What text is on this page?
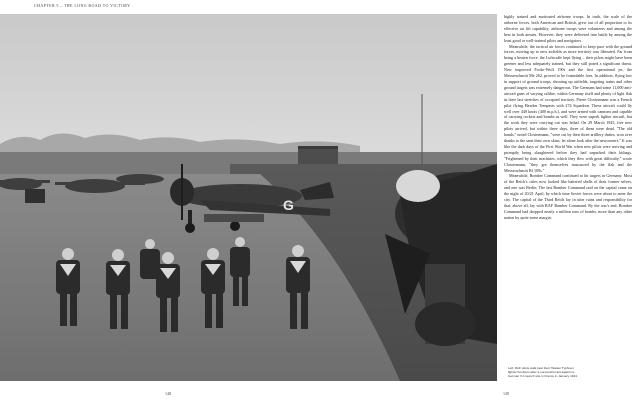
CHAPTER 5 – THE LONG ROAD TO VICTORY
G

highly trained and motivated airborne troops. In truth, the scale of the airborne forces, both American and British, grew out of all proportion to its effective air lift capability; airborne troops were volunteers and among the best in both armies. However, they were delivered into battle by among the least good or well-trained pilots and navigators.

Meanwhile, the tactical air forces continued to keep pace with the ground forces, moving up to new airfields as more territory was liberated. Far from being a beaten force, the Luftwaffe kept flying – their pilots might have been greener and less adequately trained, but they still posed a significant threat. New improved Focke-Wulf 190s and the first operational jet, the Messerschmitt Me 262, proved to be formidable foes. In addition, flying low in support of ground troops, shooting up airfields, targeting trains and other ground targets was extremely dangerous. The Germans had some 11,000 anti-aircraft guns of varying calibre, within Germany itself and plenty of light flak in their last stretches of occupied territory. Pierre Clostermann was a French pilot flying Hawker Tempests with 274 Squadron. These aircraft could fly well over 440 knots (400 m.p.h.), and were armed with cannons and capable of carrying rockets and bombs as well. They were superb fighter aircraft, but the work they were carrying out was lethal. On 29 March 1945, five new pilots arrived, but within three days, three of them were dead. "The old hands," noted Clostermann, "were cut by their three artillery duties, won over thanks to the sane their own skins, let alone look after the newcomers." It was like the dark days of the First World War when new pilots were arriving and promptly being slaughtered before they had unpacked their kitbags. "Frightened by their machines, which they flew with great difficulty," wrote Clostermann, "they got themselves massacred by the flak and the Messerschmitt Bf 109s."

Meanwhile, Bomber Command continued to hit targets in Germany. Most of the Reich's cities now looked like battered shells of their former selves, and one was Berlin. The last Bomber Command raid on the capital came on the night of 20/21 April, by which time Soviet forces were about to enter the city. The capital of the Third Reich lay in utter ruins and responsibility for that, above all, lay with RAF Bomber Command. By the war's end, Bomber Command had dropped nearly a million tons of bombs, more than any other nation by quite some margin.

Left: RAF pilots walk past their Hawker Typhoon fighter-bombers after a successful raid against a German V-1 launch site in France in January 1944.
148	149
